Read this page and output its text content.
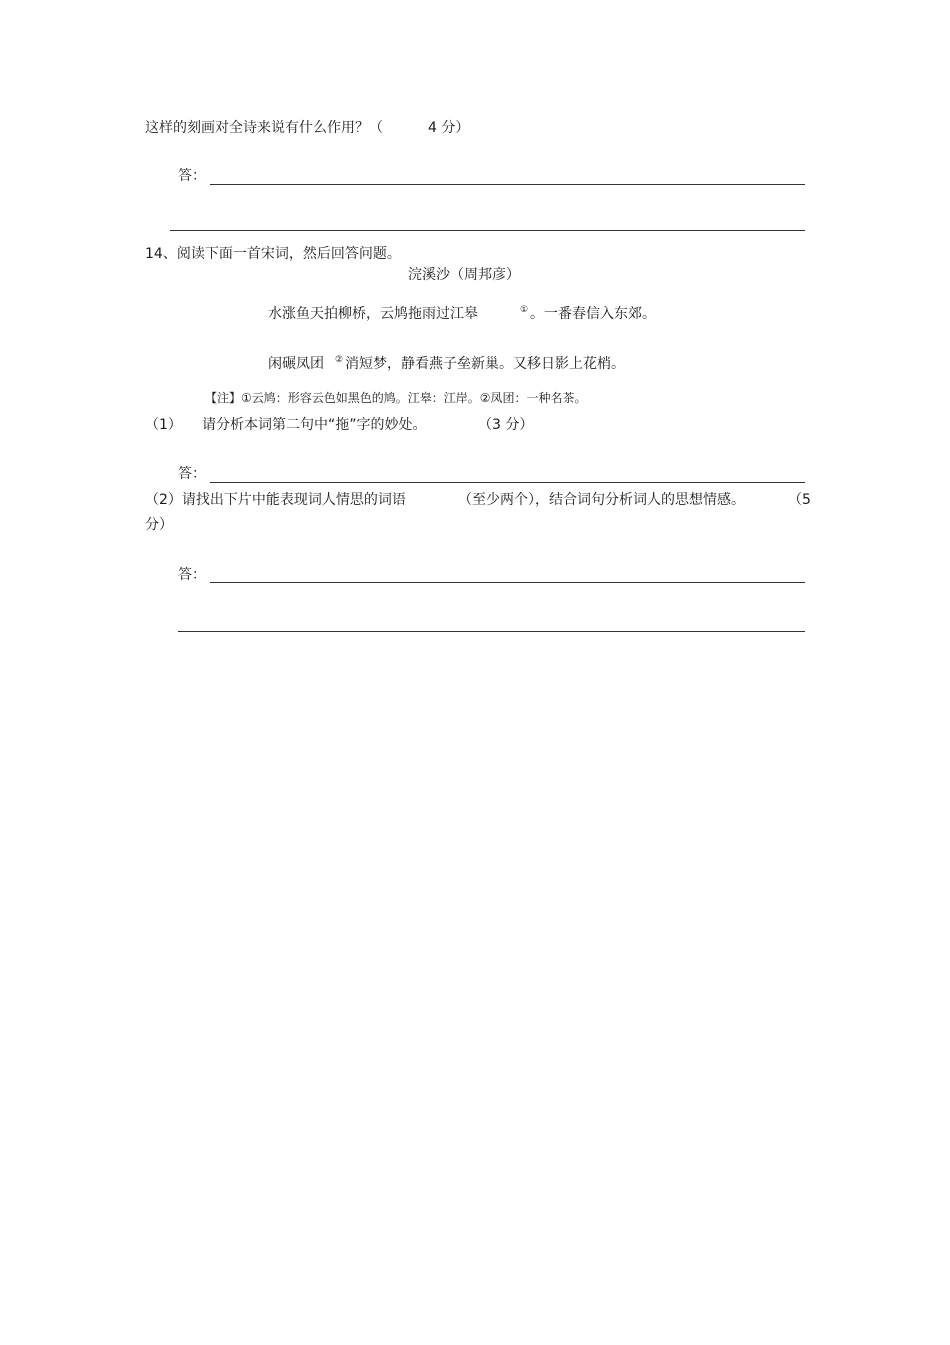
这样的刻画对全诗来说有什么作用？（	4 分）
答：
14、阅读下面一首宋词，然后回答问题。
浣溪沙（周邦彦）
水涨鱼天拍柳桥，云鸠拖雨过江皋	① 。一番春信入东郊。
闲碾凤团 ② 消短梦，静看燕子垒新巢。又移日影上花梢。
【注】①云鸠：形容云色如黑色的鸠。江皋：江岸。②凤团：一种名茶。
（1） 请分析本词第二句中“拖”字的妙处。	（3 分）
答：
（2）请找出下片中能表现词人情思的词语	（至少两个），结合词句分析词人的思想情感。	（5
分）
答：
